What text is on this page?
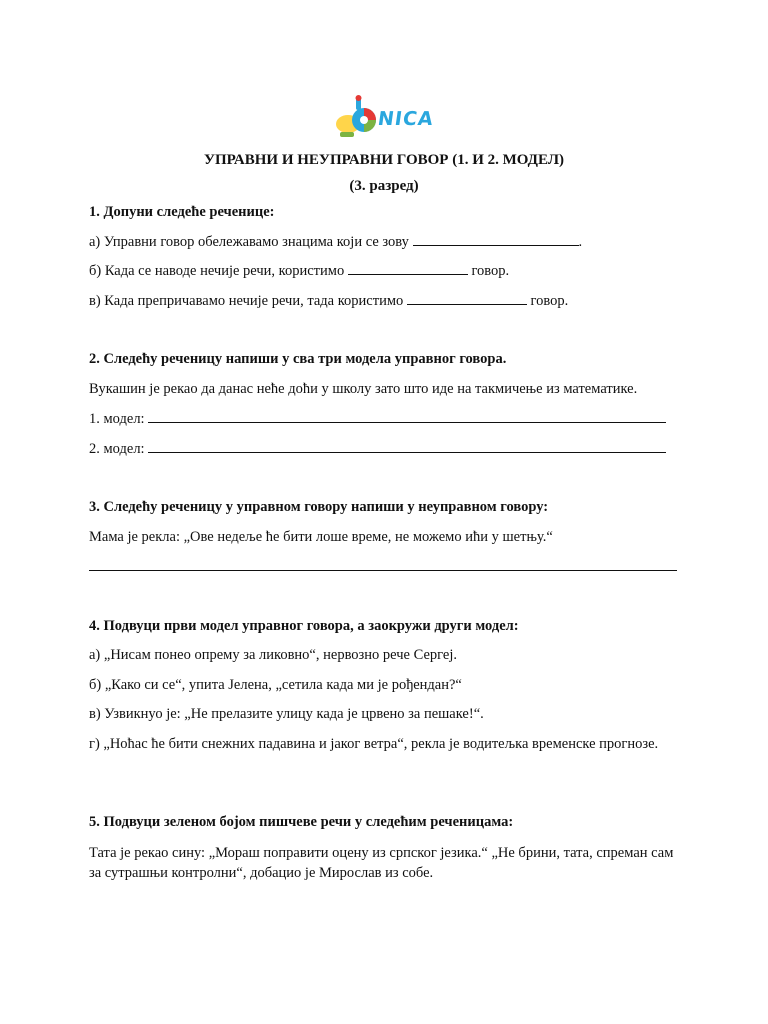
NICA
УПРАВНИ И НЕУПРАВНИ ГОВОР (1. И 2. МОДЕЛ)
(3. разред)
1. Допуни следеће реченице:
а) Управни говор обележавамо знацима који се зову	.
б) Када се наводе нечије речи, користимо	говор.
в) Када препричавамо нечије речи, тада користимо	говор.
2. Следећу реченицу напиши у сва три модела управног говора.
Вукашин је рекао да данас неће доћи у школу зато што иде на такмичење из математике.
1. модел:
2. модел:
3. Следећу реченицу у управном говору напиши у неуправном говору:
Мама је рекла: „Ове недеље ће бити лоше време, не можемо ићи у шетњу.“
4. Подвуци први модел управног говора, а заокружи други модел:
а) „Нисам понео опрему за ликовно“, нервозно рече Сергеј.
б) „Како си се“, упита Јелена, „сетила када ми је рођендан?“
в) Узвикнуо је: „Не прелазите улицу када је црвено за пешаке!“.
г) „Ноћас ће бити снежних падавина и јаког ветра“, рекла је водитељка временске прогнозе.
5. Подвуци зеленом бојом пишчеве речи у следећим реченицама:
Тата је рекао сину: „Мораш поправити оцену из српског језика.“ „Не брини, тата, спреман сам за сутрашњи контролни“, добацио је Мирослав из собе.
